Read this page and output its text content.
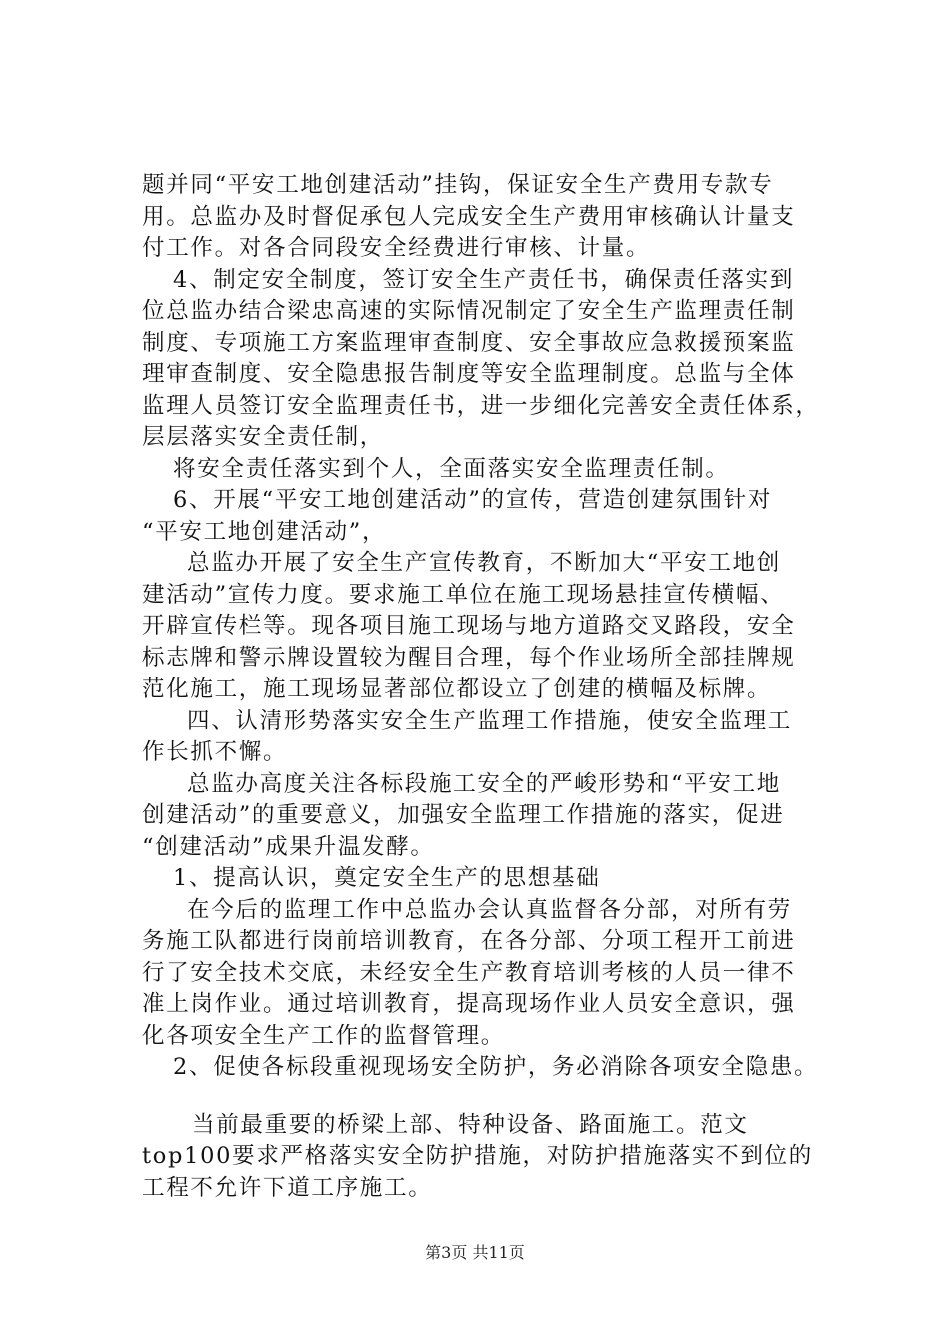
题并同“平安工地创建活动”挂钩，保证安全生产费用专款专

用。总监办及时督促承包人完成安全生产费用审核确认计量支

付工作。对各合同段安全经费进行审核、计量。

4、制定安全制度，签订安全生产责任书，确保责任落实到

位总监办结合梁忠高速的实际情况制定了安全生产监理责任制

制度、专项施工方案监理审查制度、安全事故应急救援预案监

理审查制度、安全隐患报告制度等安全监理制度。总监与全体

监理人员签订安全监理责任书，进一步细化完善安全责任体系，

层层落实安全责任制，

将安全责任落实到个人，全面落实安全监理责任制。

6、开展“平安工地创建活动”的宣传，营造创建氛围针对

“平安工地创建活动”，

总监办开展了安全生产宣传教育，不断加大“平安工地创

建活动”宣传力度。要求施工单位在施工现场悬挂宣传横幅、

开辟宣传栏等。现各项目施工现场与地方道路交叉路段，安全

标志牌和警示牌设置较为醒目合理，每个作业场所全部挂牌规

范化施工，施工现场显著部位都设立了创建的横幅及标牌。

四、认清形势落实安全生产监理工作措施，使安全监理工

作长抓不懈。

总监办高度关注各标段施工安全的严峻形势和“平安工地

创建活动”的重要意义，加强安全监理工作措施的落实，促进

“创建活动”成果升温发酵。

1、提高认识，奠定安全生产的思想基础

在今后的监理工作中总监办会认真监督各分部，对所有劳

务施工队都进行岗前培训教育，在各分部、分项工程开工前进

行了安全技术交底，未经安全生产教育培训考核的人员一律不

准上岗作业。通过培训教育，提高现场作业人员安全意识，强

化各项安全生产工作的监督管理。

2、促使各标段重视现场安全防护，务必消除各项安全隐患。

当前最重要的桥梁上部、特种设备、路面施工。范文

top100要求严格落实安全防护措施，对防护措施落实不到位的

工程不允许下道工序施工。

第3页 共11页
